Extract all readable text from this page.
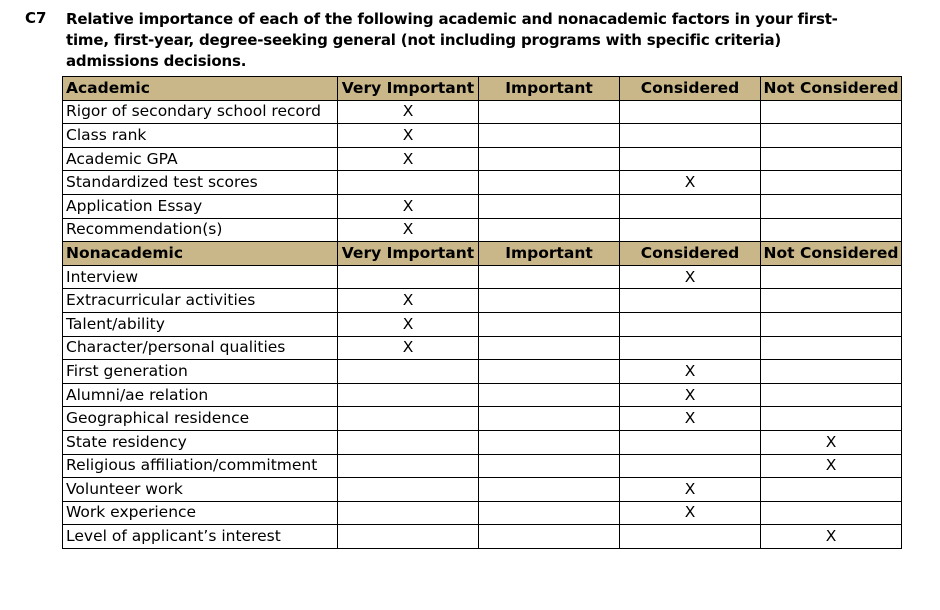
C7 Relative importance of each of the following academic and nonacademic factors in your first-time, first-year, degree-seeking general (not including programs with specific criteria) admissions decisions.
Academic	Very Important	Important	Considered	Not Considered
Rigor of secondary school record	X			
Class rank	X			
Academic GPA	X			
Standardized test scores			X	
Application Essay	X			
Recommendation(s)	X			
Nonacademic	Very Important	Important	Considered	Not Considered
Interview			X	
Extracurricular activities	X			
Talent/ability	X			
Character/personal qualities	X			
First generation			X	
Alumni/ae relation			X	
Geographical residence			X	
State residency				X
Religious affiliation/commitment				X
Volunteer work			X	
Work experience			X	
Level of applicant’s interest				X
